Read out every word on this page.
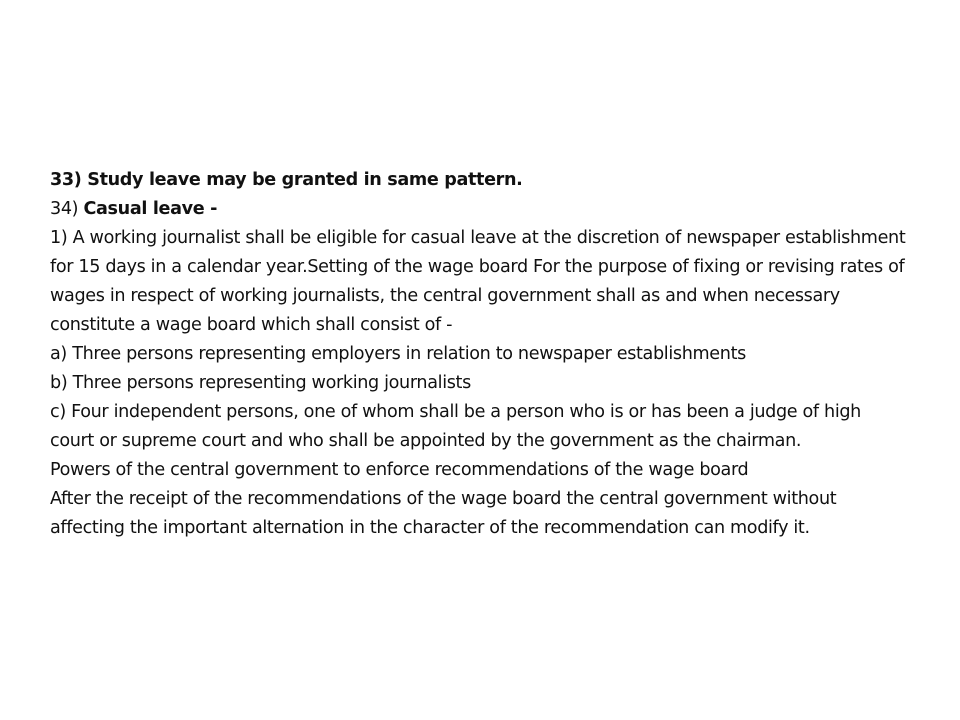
33) Study leave may be granted in same pattern.

34) Casual leave -

1) A working journalist shall be eligible for casual leave at the discretion of newspaper establishment for 15 days in a calendar year.Setting of the wage board For the purpose of fixing or revising rates of wages in respect of working journalists, the central government shall as and when necessary constitute a wage board which shall consist of -

a) Three persons representing employers in relation to newspaper establishments

b) Three persons representing working journalists

c) Four independent persons, one of whom shall be a person who is or has been a judge of high court or supreme court and who shall be appointed by the government as the chairman.

Powers of the central government to enforce recommendations of the wage board

After the receipt of the recommendations of the wage board the central government without affecting the important alternation in the character of the recommendation can modify it.
